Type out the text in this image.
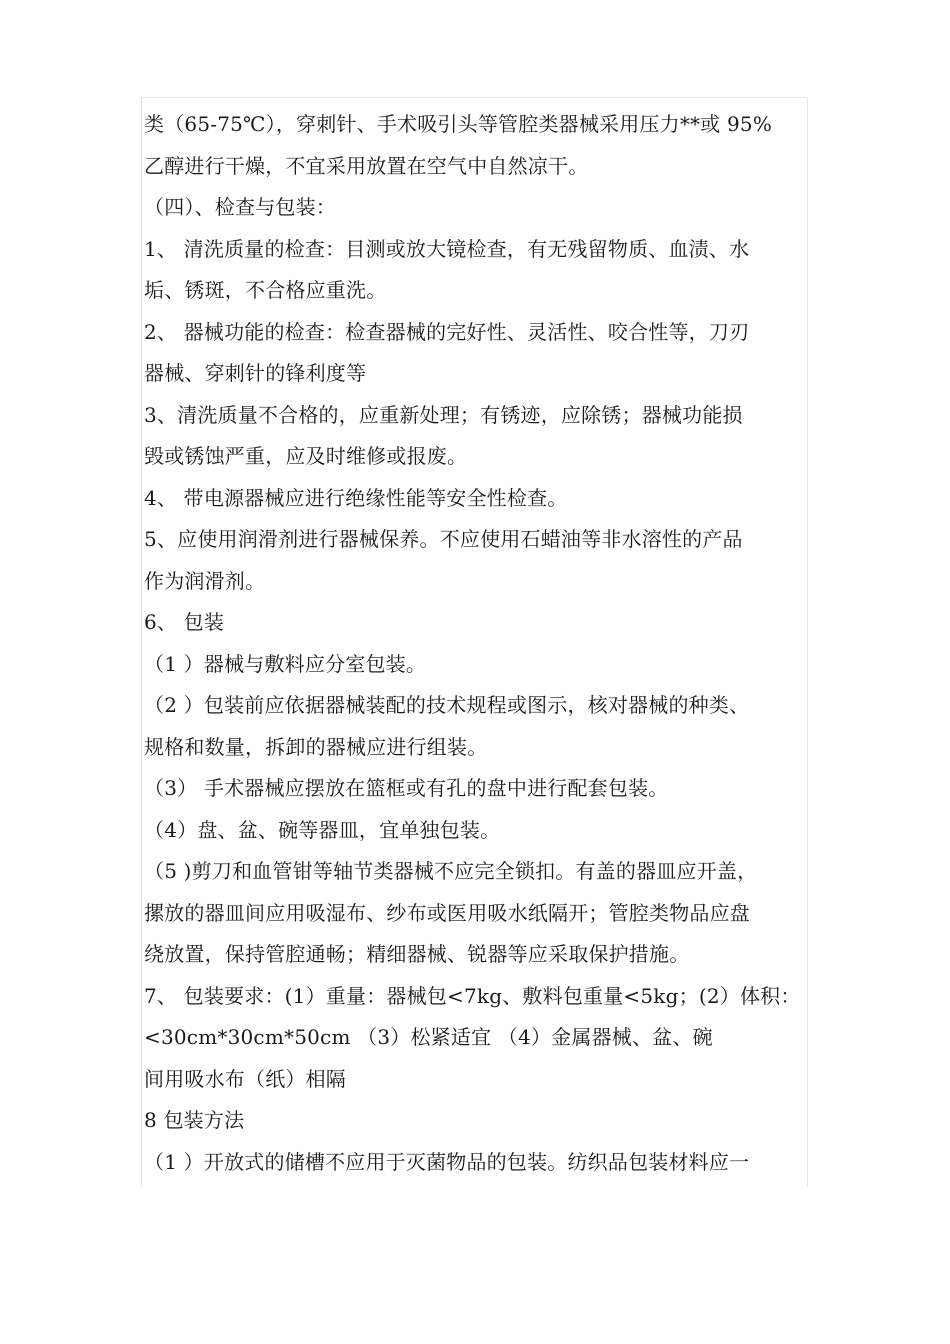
类（65-75℃），穿刺针、手术吸引头等管腔类器械采用压力**或 95%
乙醇进行干燥，不宜采用放置在空气中自然凉干。
（四）、检查与包装：
1、 清洗质量的检查：目测或放大镜检查，有无残留物质、血渍、水
垢、锈斑，不合格应重洗。
2、 器械功能的检查：检查器械的完好性、灵活性、咬合性等，刀刃
器械、穿刺针的锋利度等
3、清洗质量不合格的，应重新处理；有锈迹，应除锈；器械功能损
毁或锈蚀严重，应及时维修或报废。
4、 带电源器械应进行绝缘性能等安全性检查。
5、应使用润滑剂进行器械保养。不应使用石蜡油等非水溶性的产品
作为润滑剂。
6、 包装
（1 ）器械与敷料应分室包装。
（2 ）包装前应依据器械装配的技术规程或图示，核对器械的种类、
规格和数量，拆卸的器械应进行组装。
（3） 手术器械应摆放在篮框或有孔的盘中进行配套包装。
（4）盘、盆、碗等器皿，宜单独包装。
（5 )剪刀和血管钳等轴节类器械不应完全锁扣。有盖的器皿应开盖，
摞放的器皿间应用吸湿布、纱布或医用吸水纸隔开；管腔类物品应盘
绕放置，保持管腔通畅；精细器械、锐器等应采取保护措施。
7、 包装要求：(1）重量：器械包<7kg、敷料包重量<5kg；(2）体积：
<30cm*30cm*50cm （3）松紧适宜 （4）金属器械、盆、碗
间用吸水布（纸）相隔
8 包装方法
（1 ）开放式的储槽不应用于灭菌物品的包装。纺织品包装材料应一
